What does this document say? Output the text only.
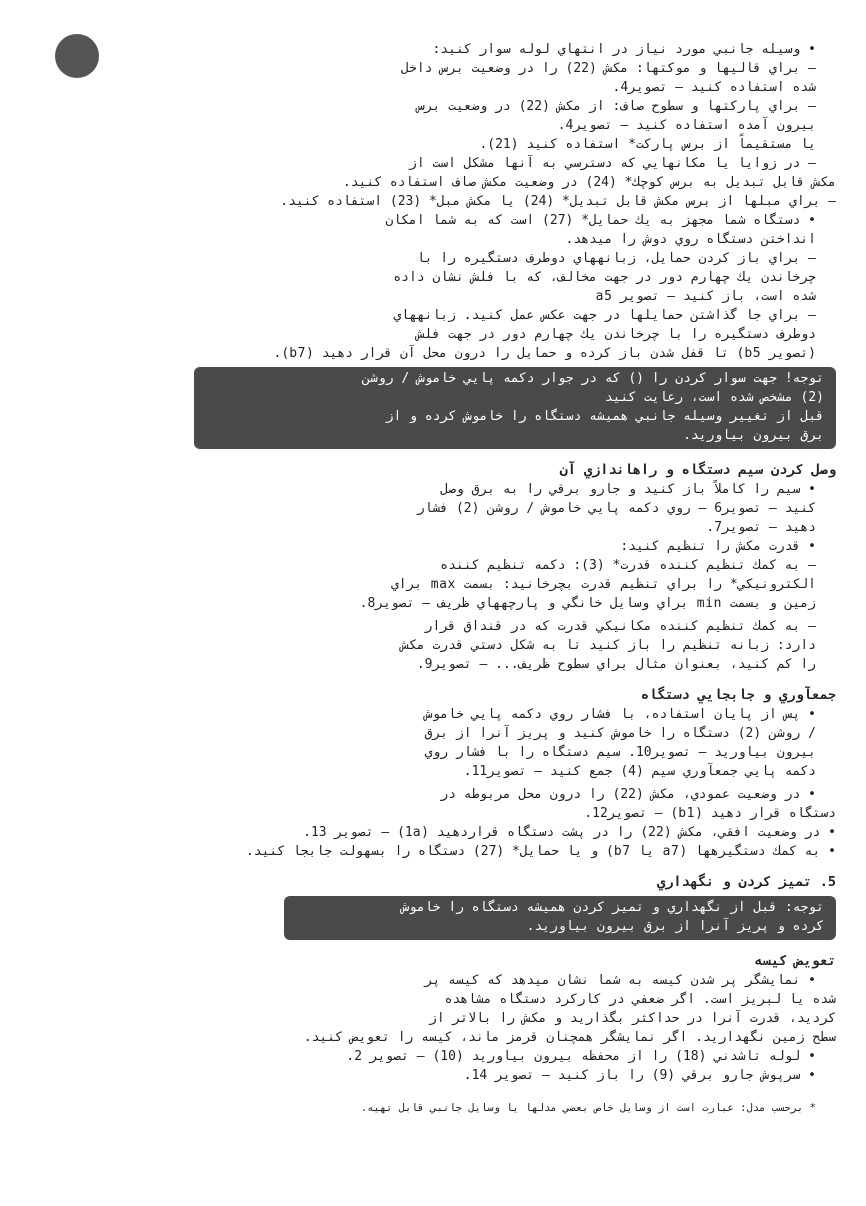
• وسيله جانبي مورد نياز در انتهاي لوله سوار كنيد:
– براي قاليها و موكتها: مكش (22) را در وضعيت برس داخل
شده استفاده كنيد – تصوير4.
– براي پاركتها و سطوح صاف: از مكش (22) در وضعيت برس
بيرون آمده استفاده كنيد – تصوير4.
يا مستقيماً از برس پاركت* استفاده كنيد (21).
– در زوايا يا مكانهايي كه دسترسي به آنها مشكل است از
مكش قابل تبديل به برس كوچك* (24) در وضعيت مكش صاف استفاده كنيد.
– براي مبلها از برس مكش قابل تبديل* (24) يا مكش مبل* (23) استفاده كنيد.
• دستگاه شما مجهز به يك حمايل* (27) است كه به شما امكان
انداختن دستگاه روي دوش را ميدهد.
– براي باز كردن حمايل، زبانههاي دوطرف دستگيره را با
چرخاندن يك چهارم دور در جهت مخالف، كه با فلش نشان داده
شده است، باز كنيد – تصوير a5
– براي جا گذاشتن حمايلها در جهت عكس عمل كنيد. زبانههاي
دوطرف دستگيره را با چرخاندن يك چهارم دور در جهت فلش
(تصوير b5) تا قفل شدن باز كرده و حمايل را درون محل آن قرار دهيد (b7).
توجه! جهت سوار كردن را () كه در جوار دكمه پايي خاموش / روشن
(2) مشخص شده است، رعايت كنيد
قبل از تغيير وسيله جانبي هميشه دستگاه را خاموش كرده و از
برق بيرون بياوريد.
وصل كردن سيم دستگاه و راهاندازي آن
• سيم را كاملاً باز كنيد و جارو برقي را به برق وصل
كنيد – تصوير6 – روي دكمه پايي خاموش / روشن (2) فشار
دهيد – تصوير7.
• قدرت مكش را تنظيم كنيد:
– به كمك تنظيم كننده قدرت* (3): دكمه تنظيم كننده
الكترونيكي* را براي تنظيم قدرت بچرخانيد: بسمت max براي
زمين و بسمت min براي وسايل خانگي و پارچههاي ظريف – تصوير8.
– به كمك تنظيم كننده مكانيكي قدرت كه در قنداق قرار
دارد: زبانه تنظيم را باز كنيد تا به شكل دستي قدرت مكش
را كم كنيد، بعنوان مثال براي سطوح ظريف... – تصوير9.
جمعآوري و جابجايي دستگاه
• پس از پايان استفاده، با فشار روي دكمه پايي خاموش
/ روشن (2) دستگاه را خاموش كنيد و پريز آنرا از برق
بيرون بياوريد – تصوير10. سيم دستگاه را با فشار روي
دكمه پايي جمعآوري سيم (4) جمع كنيد – تصوير11.
• در وضعيت عمودي، مكش (22) را درون محل مربوطه در
دستگاه قرار دهيد (b1) – تصوير12.
• در وضعيت افقي، مكش (22) را در پشت دستگاه قراردهيد (1a) – تصوير 13.
• به كمك دستگيرهها (a7 يا b7) و يا حمايل* (27) دستگاه را بسهولت جابجا كنيد.
5. تميز كردن و نگهداري
توجه: قبل از نگهداري و تميز كردن هميشه دستگاه را خاموش
كرده و پريز آنرا از برق بيرون بياوريد.
تعويض كيسه
• نمايشگر پر شدن كيسه به شما نشان ميدهد كه كيسه پر
شده يا لبريز است. اگر ضعفي در كاركرد دستگاه مشاهده
كرديد، قدرت آنرا در حداكثر بگذاريد و مكش را بالاتر از
سطح زمين نگهداريد. اگر نمايشگر همچنان قرمز ماند، كيسه را تعويض كنيد.
• لوله تاشدني (18) را از محفظه بيرون بياوريد (10) – تصوير 2.
• سرپوش جارو برقي (9) را باز كنيد – تصوير 14.
* برحسب مدل: عبارت است از وسايل خاص بعضي مدلها يا وسايل جانبي قابل تهيه.
